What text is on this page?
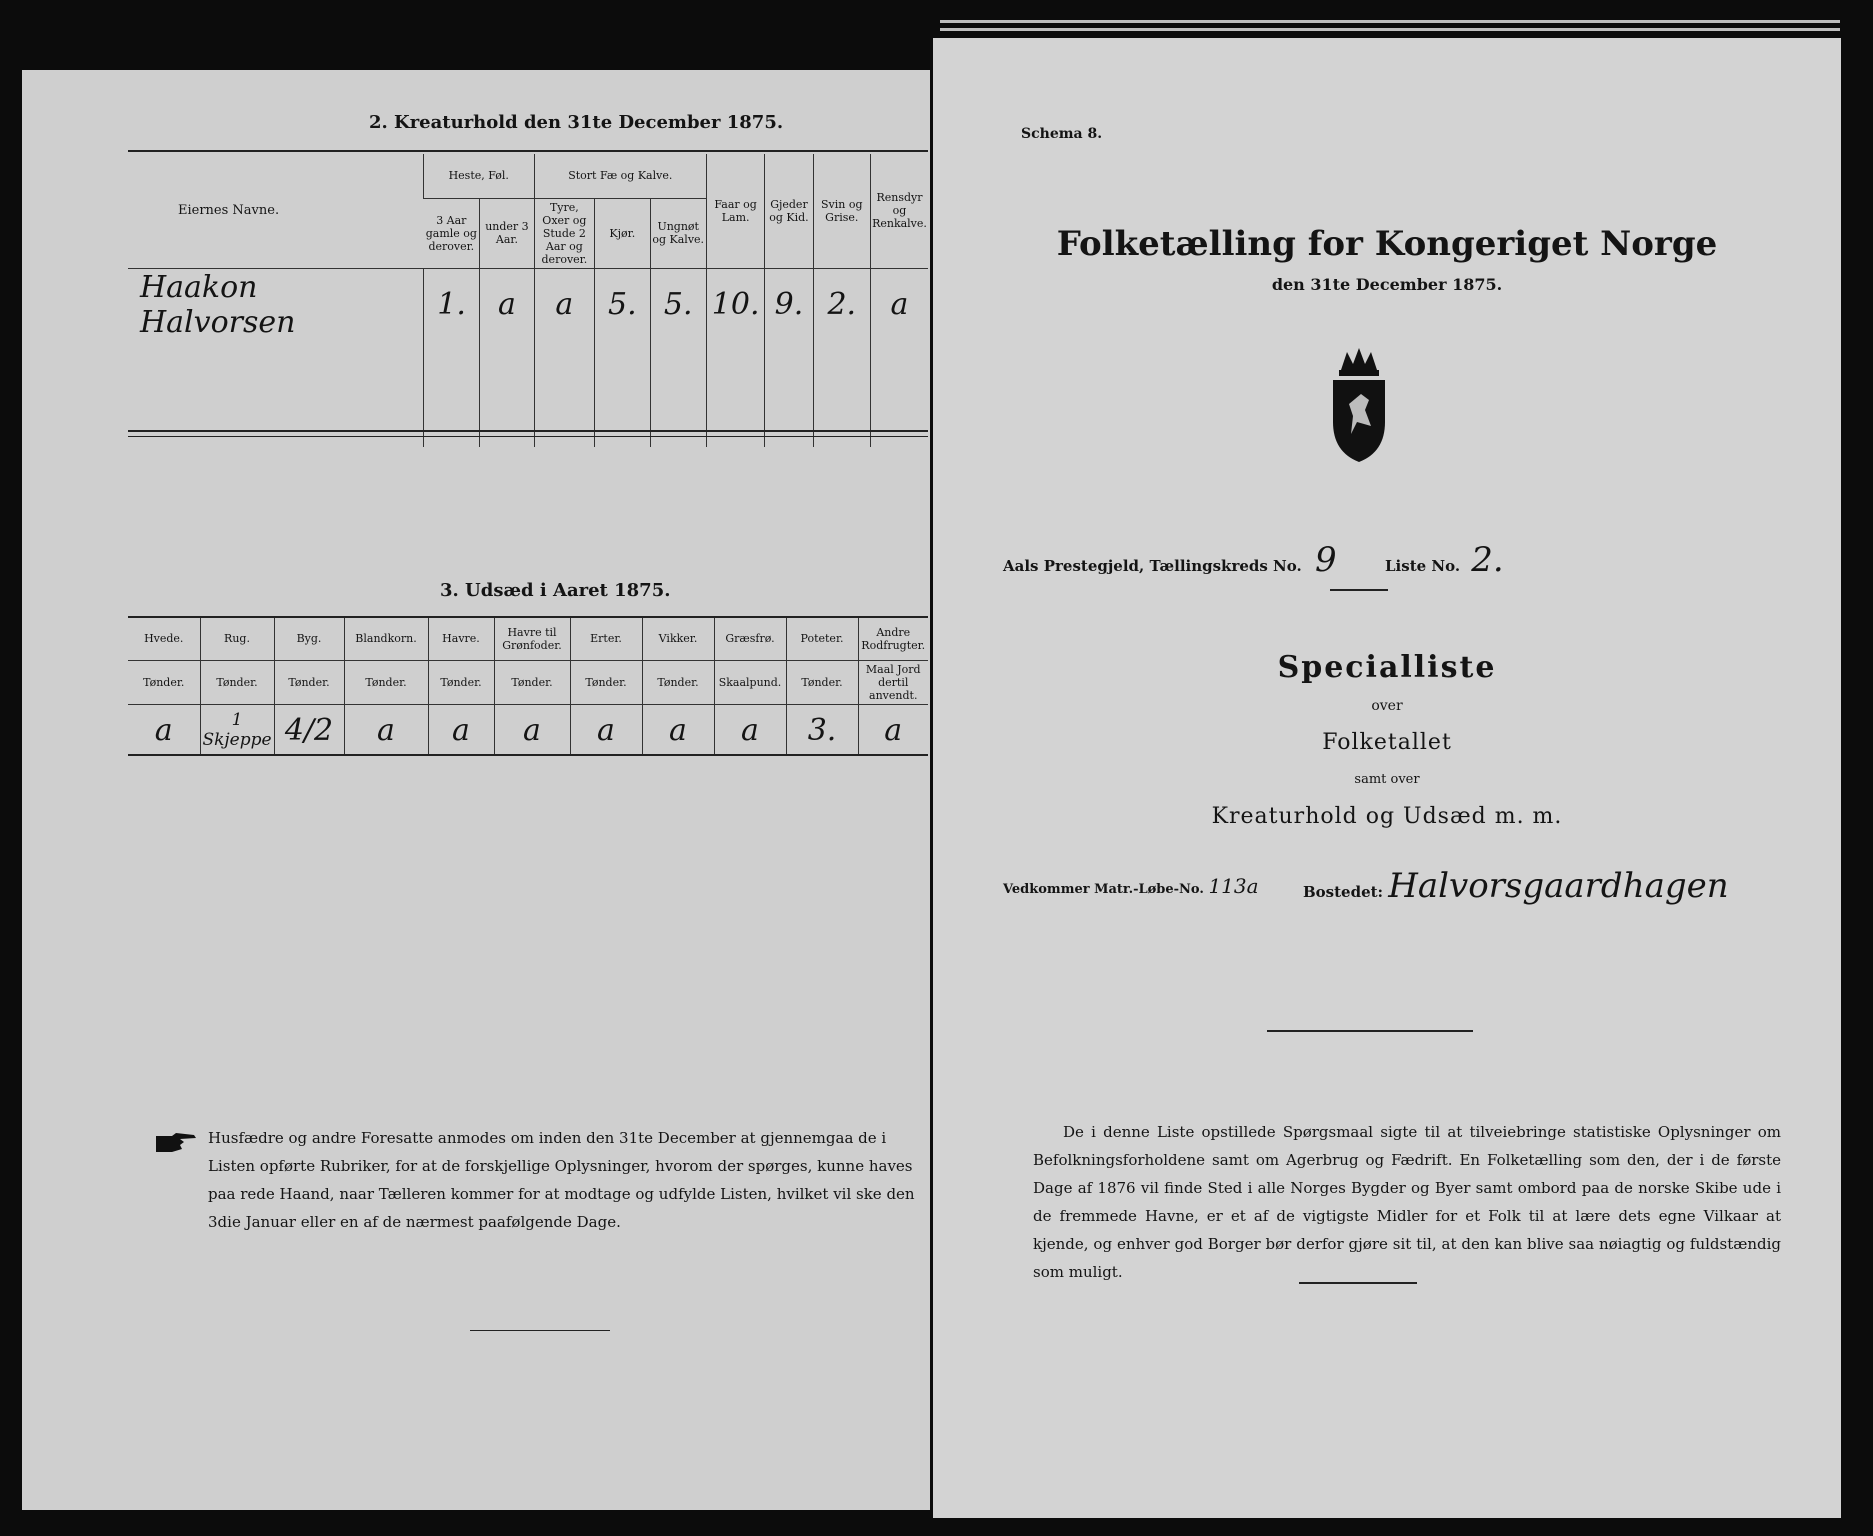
2. Kreaturhold den 31te December 1875.
Eiernes Navne.	Heste, Føl.		Stort Fæ og Kalve.			Faar og Lam.	Gjeder og Kid.	Svin og Grise.	Rensdyr og Renkalve.
	3 Aar gamle og derover.	under 3 Aar.	Tyre, Oxer og Stude 2 Aar og derover.	Kjør.	Ungnøt og Kalve.				
Haakon Halvorsen	1.	a	a	5.	5.	10.	9.	2.	a

3. Udsæd i Aaret 1875.
Hvede.	Rug.	Byg.	Blandkorn.	Havre.	Havre til Grønfoder.	Erter.	Vikker.	Græsfrø.	Poteter.	Andre Rodfrugter.
Tønder.	Tønder.	Tønder.	Tønder.	Tønder.	Tønder.	Tønder.	Tønder.	Skaalpund.	Tønder.	Maal Jord dertil anvendt.
a	1 Skjeppe	4/2	a	a	a	a	a	a	3.	a
Husfædre og andre Foresatte anmodes om inden den 31te December at gjennemgaa de i Listen opførte Rubriker, for at de forskjellige Oplysninger, hvorom der spørges, kunne haves paa rede Haand, naar Tælleren kommer for at modtage og udfylde Listen, hvilket vil ske den 3die Januar eller en af de nærmest paafølgende Dage.
Schema 8.
Folketælling for Kongeriget Norge
den 31te December 1875.
Aals Prestegjeld, Tællingskreds No. 9	Liste No. 2.
Specialliste
over
Folketallet
samt over
Kreaturhold og Udsæd m. m.
Vedkommer Matr.-Løbe-No. 113a	Bostedet: Halvorsgaardhagen
De i denne Liste opstillede Spørgsmaal sigte til at tilveiebringe statistiske Oplysninger om Befolkningsforholdene samt om Agerbrug og Fædrift. En Folketælling som den, der i de første Dage af 1876 vil finde Sted i alle Norges Bygder og Byer samt ombord paa de norske Skibe ude i de fremmede Havne, er et af de vigtigste Midler for et Folk til at lære dets egne Vilkaar at kjende, og enhver god Borger bør derfor gjøre sit til, at den kan blive saa nøiagtig og fuldstændig som muligt.
